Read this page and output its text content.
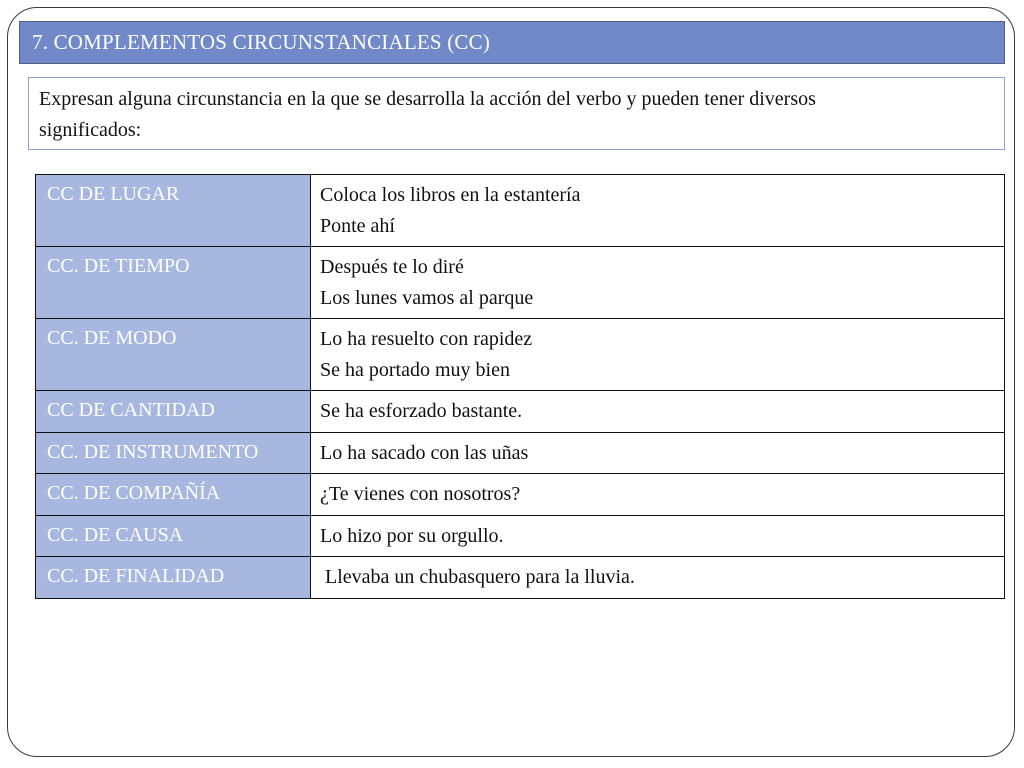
7. COMPLEMENTOS CIRCUNSTANCIALES (CC)
Expresan alguna circunstancia en la que se desarrolla la acción del verbo y pueden tener diversos
significados:
CC DE LUGAR	Coloca los libros en la estantería
Ponte ahí

CC. DE TIEMPO	Después te lo diré
Los lunes vamos al parque

CC. DE MODO	Lo ha resuelto con rapidez
Se ha portado muy bien

CC DE CANTIDAD	Se ha esforzado bastante.

CC. DE INSTRUMENTO	Lo ha sacado con las uñas

CC. DE COMPAÑÍA	¿Te vienes con nosotros?

CC. DE CAUSA	Lo hizo por su orgullo.

CC. DE FINALIDAD	Llevaba un chubasquero para la lluvia.
